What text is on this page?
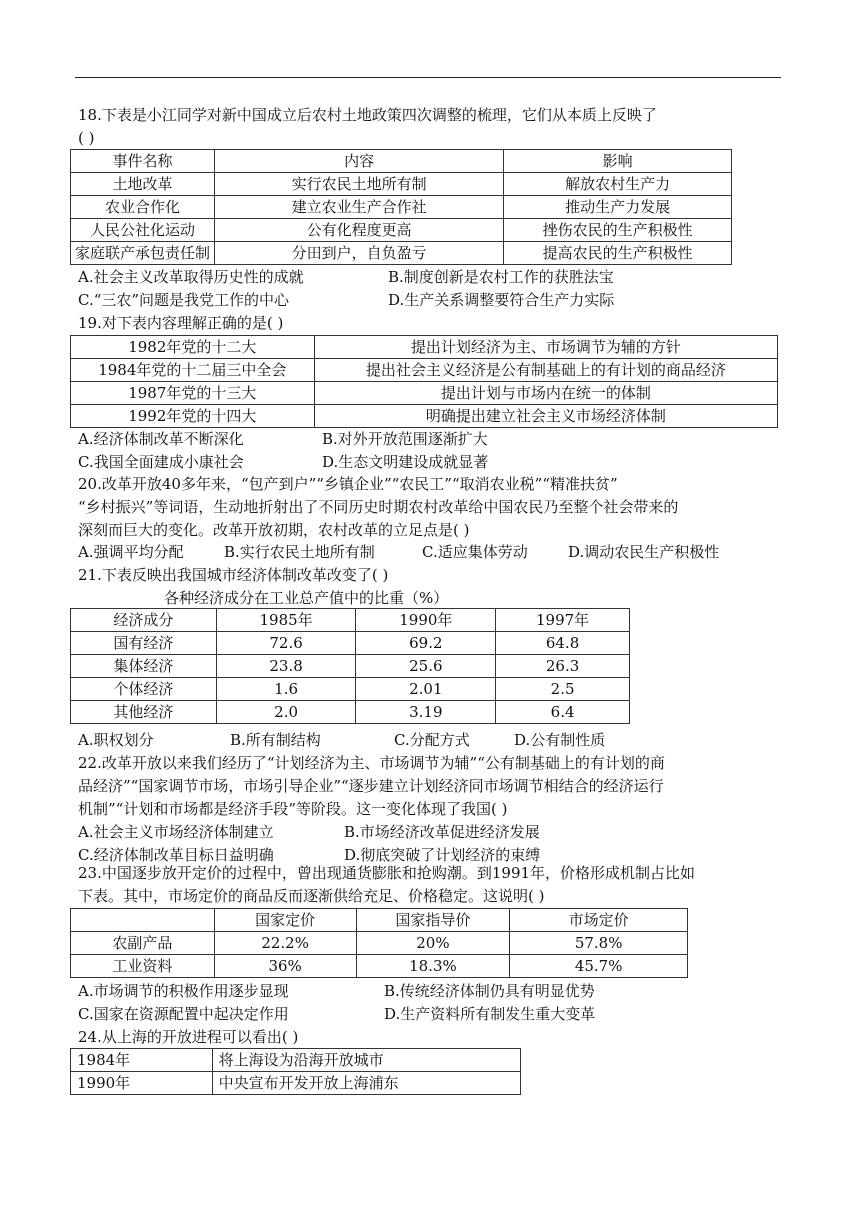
18.下表是小江同学对新中国成立后农村土地政策四次调整的梳理，它们从本质上反映了
( )
事件名称	内容	影响
土地改革	实行农民土地所有制	解放农村生产力
农业合作化	建立农业生产合作社	推动生产力发展
人民公社化运动	公有化程度更高	挫伤农民的生产积极性
家庭联产承包责任制	分田到户，自负盈亏	提高农民的生产积极性
A.社会主义改革取得历史性的成就	B.制度创新是农村工作的获胜法宝
C.“三农”问题是我党工作的中心	D.生产关系调整要符合生产力实际
19.对下表内容理解正确的是( )
1982年党的十二大	提出计划经济为主、市场调节为辅的方针
1984年党的十二届三中全会	提出社会主义经济是公有制基础上的有计划的商品经济
1987年党的十三大	提出计划与市场内在统一的体制
1992年党的十四大	明确提出建立社会主义市场经济体制
A.经济体制改革不断深化	B.对外开放范围逐渐扩大
C.我国全面建成小康社会	D.生态文明建设成就显著
20.改革开放40多年来，“包产到户”“乡镇企业”“农民工”“取消农业税”“精准扶贫”
“乡村振兴”等词语，生动地折射出了不同历史时期农村改革给中国农民乃至整个社会带来的
深刻而巨大的变化。改革开放初期，农村改革的立足点是( )
A.强调平均分配	B.实行农民土地所有制	C.适应集体劳动	D.调动农民生产积极性
21.下表反映出我国城市经济体制改革改变了( )
各种经济成分在工业总产值中的比重（%）
经济成分	1985年	1990年	1997年
国有经济	72.6	69.2	64.8
集体经济	23.8	25.6	26.3
个体经济	1.6	2.01	2.5
其他经济	2.0	3.19	6.4
A.职权划分	B.所有制结构	C.分配方式	D.公有制性质
22.改革开放以来我们经历了“计划经济为主、市场调节为辅”“公有制基础上的有计划的商
品经济”“国家调节市场，市场引导企业”“逐步建立计划经济同市场调节相结合的经济运行
机制”“计划和市场都是经济手段”等阶段。这一变化体现了我国( )
A.社会主义市场经济体制建立	B.市场经济改革促进经济发展
C.经济体制改革目标日益明确	D.彻底突破了计划经济的束缚
23.中国逐步放开定价的过程中，曾出现通货膨胀和抢购潮。到1991年，价格形成机制占比如
下表。其中，市场定价的商品反而逐渐供给充足、价格稳定。这说明( )
	国家定价	国家指导价	市场定价
农副产品	22.2%	20%	57.8%
工业资料	36%	18.3%	45.7%
A.市场调节的积极作用逐步显现	B.传统经济体制仍具有明显优势
C.国家在资源配置中起决定作用	D.生产资料所有制发生重大变革
24.从上海的开放进程可以看出( )
1984年	将上海设为沿海开放城市
1990年	中央宣布开发开放上海浦东
